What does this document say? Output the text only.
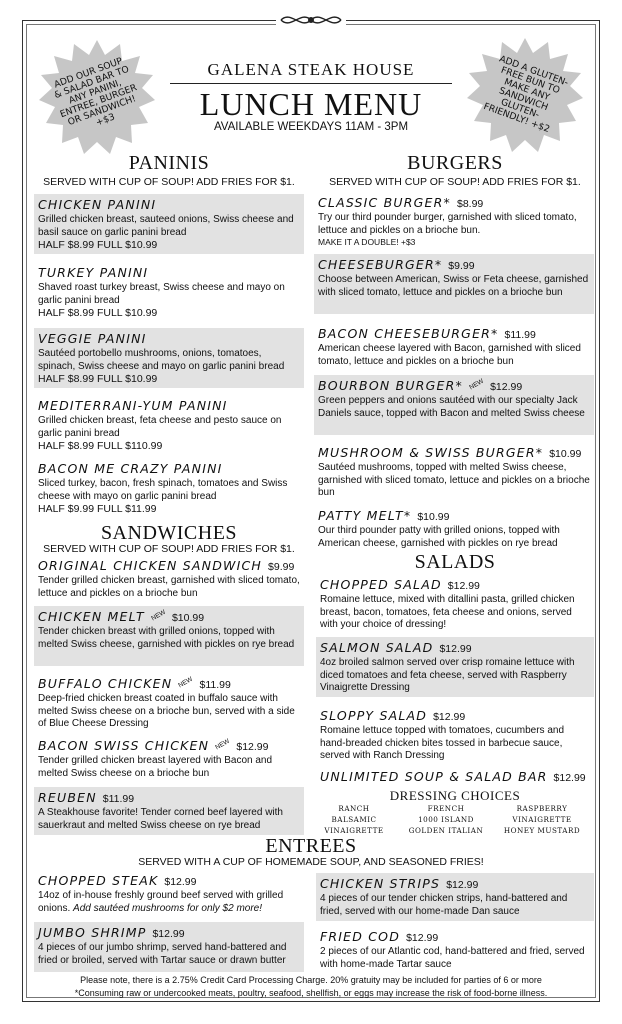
ADD OUR SOUP & SALAD BAR TO ANY PANINI, ENTREE, BURGER OR SANDWICH! +$3
ADD A GLUTEN-FREE BUN TO MAKE ANY SANDWICH GLUTEN-FRIENDLY! +$2
GALENA STEAK HOUSE
LUNCH MENU
AVAILABLE WEEKDAYS 11AM - 3PM
PANINIS
SERVED WITH CUP OF SOUP! ADD FRIES FOR $1.
CHICKEN PANINI
Grilled chicken breast, sauteed onions, Swiss cheese and basil sauce on garlic panini bread
HALF $8.99 FULL $10.99
TURKEY PANINI
Shaved roast turkey breast, Swiss cheese and mayo on garlic panini bread
HALF $8.99 FULL $10.99
VEGGIE PANINI
Sautéed portobello mushrooms, onions, tomatoes, spinach, Swiss cheese and mayo on garlic panini bread
HALF $8.99 FULL $10.99
MEDITERRANI-YUM PANINI
Grilled chicken breast, feta cheese and pesto sauce on garlic panini bread
HALF $8.99 FULL $110.99
BACON ME CRAZY PANINI
Sliced turkey, bacon, fresh spinach, tomatoes and Swiss cheese with mayo on garlic panini bread
HALF $9.99 FULL $11.99
SANDWICHES
SERVED WITH CUP OF SOUP! ADD FRIES FOR $1.
ORIGINAL CHICKEN SANDWICH $9.99
Tender grilled chicken breast, garnished with sliced tomato, lettuce and pickles on a brioche bun
CHICKEN MELT NEW $10.99
Tender chicken breast with grilled onions, topped with melted Swiss cheese, garnished with pickles on rye bread
BUFFALO CHICKEN NEW $11.99
Deep-fried chicken breast coated in buffalo sauce with melted Swiss cheese on a brioche bun, served with a side of Blue Cheese Dressing
BACON SWISS CHICKEN NEW $12.99
Tender grilled chicken breast layered with Bacon and melted Swiss cheese on a brioche bun
REUBEN $11.99
A Steakhouse favorite! Tender corned beef layered with sauerkraut and melted Swiss cheese on rye bread
BURGERS
SERVED WITH CUP OF SOUP! ADD FRIES FOR $1.
CLASSIC BURGER* $8.99
Try our third pounder burger, garnished with sliced tomato, lettuce and pickles on a brioche bun.
MAKE IT A DOUBLE! +$3
CHEESEBURGER* $9.99
Choose between American, Swiss or Feta cheese, garnished with sliced tomato, lettuce and pickles on a brioche bun
BACON CHEESEBURGER* $11.99
American cheese layered with Bacon, garnished with sliced tomato, lettuce and pickles on a brioche bun
BOURBON BURGER* NEW $12.99
Green peppers and onions sautéed with our specialty Jack Daniels sauce, topped with Bacon and melted Swiss cheese
MUSHROOM & SWISS BURGER* $10.99
Sautéed mushrooms, topped with melted Swiss cheese, garnished with sliced tomato, lettuce and pickles on a brioche bun
PATTY MELT* $10.99
Our third pounder patty with grilled onions, topped with American cheese, garnished with pickles on rye bread
SALADS
CHOPPED SALAD $12.99
Romaine lettuce, mixed with ditallini pasta, grilled chicken breast, bacon, tomatoes, feta cheese and onions, served with your choice of dressing!
SALMON SALAD $12.99
4oz broiled salmon served over crisp romaine lettuce with diced tomatoes and feta cheese, served with Raspberry Vinaigrette Dressing
SLOPPY SALAD $12.99
Romaine lettuce topped with tomatoes, cucumbers and hand-breaded chicken bites tossed in barbecue sauce, served with Ranch Dressing
UNLIMITED SOUP & SALAD BAR $12.99
DRESSING CHOICES
RANCH
BALSAMIC VINAIGRETTE
FRENCH
1000 ISLAND
GOLDEN ITALIAN
RASPBERRY VINAIGRETTE
HONEY MUSTARD
ENTREES
SERVED WITH A CUP OF HOMEMADE SOUP, AND SEASONED FRIES!
CHOPPED STEAK $12.99
14oz of in-house freshly ground beef served with grilled onions. Add sautéed mushrooms for only $2 more!
JUMBO SHRIMP $12.99
4 pieces of our jumbo shrimp, served hand-battered and fried or broiled, served with Tartar sauce or drawn butter
CHICKEN STRIPS $12.99
4 pieces of our tender chicken strips, hand-battered and fried, served with our home-made Dan sauce
FRIED COD $12.99
2 pieces of our Atlantic cod, hand-battered and fried, served with home-made Tartar sauce
Please note, there is a 2.75% Credit Card Processing Charge. 20% gratuity may be included for parties of 6 or more
*Consuming raw or undercooked meats, poultry, seafood, shellfish, or eggs may increase the risk of food-borne illness.
